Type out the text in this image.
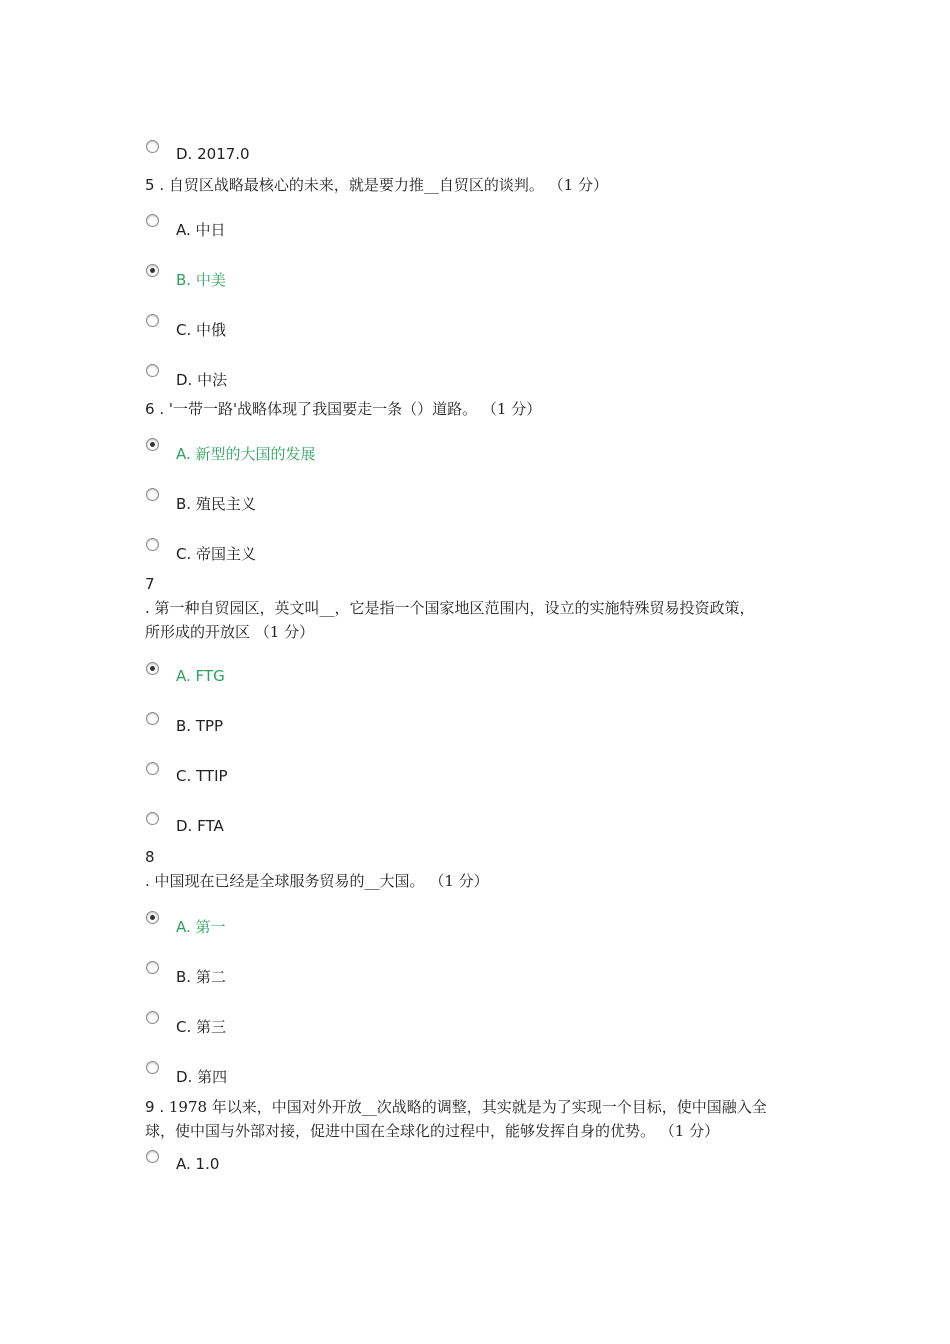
D. 2017.0
5 . 自贸区战略最核心的未来，就是要力推__自贸区的谈判。 （1 分）
A. 中日
B. 中美
C. 中俄
D. 中法
6 . '一带一路'战略体现了我国要走一条（）道路。 （1 分）
A. 新型的大国的发展
B. 殖民主义
C. 帝国主义
7
. 第一种自贸园区，英文叫__，它是指一个国家地区范围内，设立的实施特殊贸易投资政策，
所形成的开放区 （1 分）
A. FTG
B. TPP
C. TTIP
D. FTA
8
. 中国现在已经是全球服务贸易的__大国。 （1 分）
A. 第一
B. 第二
C. 第三
D. 第四
9 . 1978 年以来，中国对外开放__次战略的调整，其实就是为了实现一个目标，使中国融入全
球，使中国与外部对接，促进中国在全球化的过程中，能够发挥自身的优势。 （1 分）
A. 1.0
